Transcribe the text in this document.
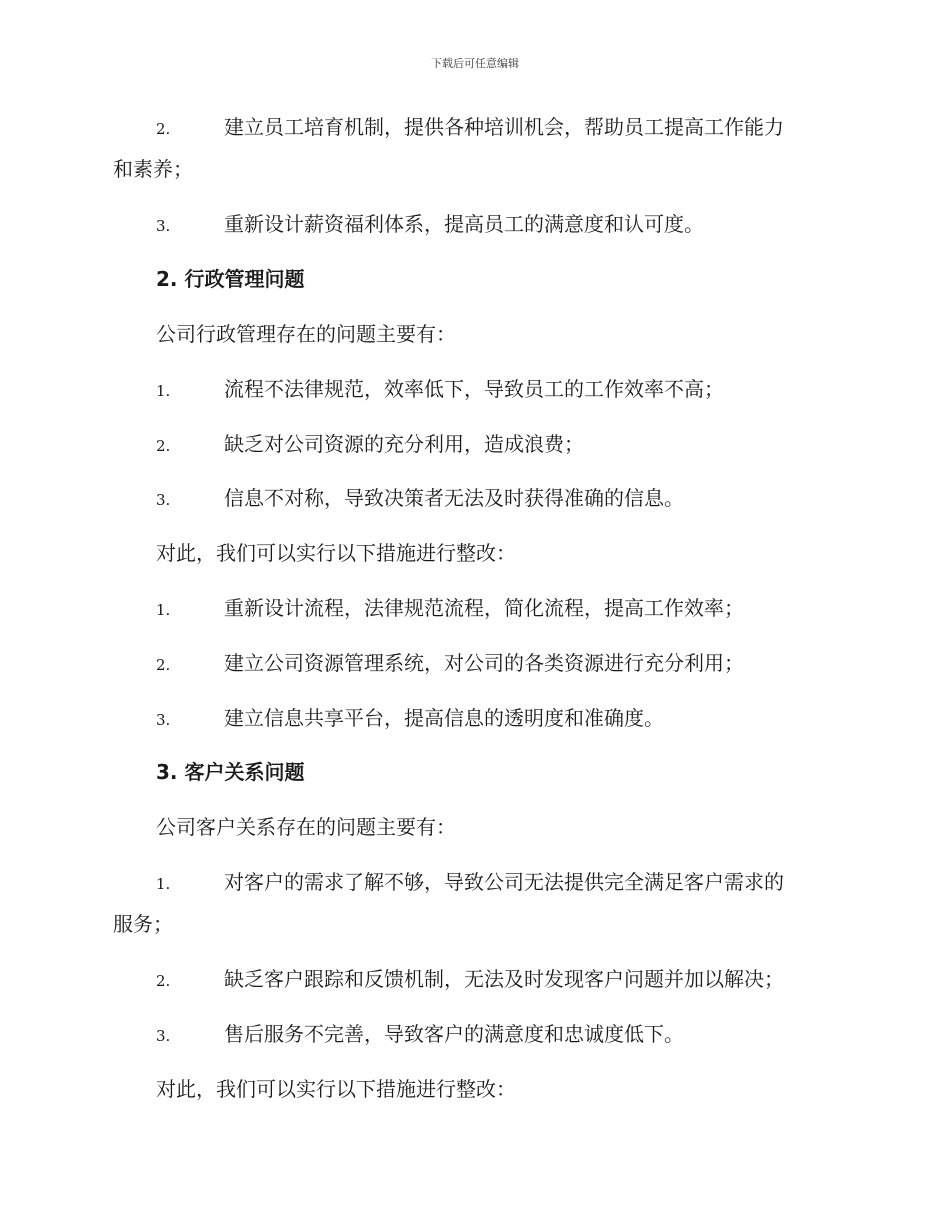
下载后可任意编辑
2.	建立员工培育机制，提供各种培训机会，帮助员工提高工作能力
和素养；
3.	重新设计薪资福利体系，提高员工的满意度和认可度。
2. 行政管理问题
公司行政管理存在的问题主要有：
1.	流程不法律规范，效率低下，导致员工的工作效率不高；
2.	缺乏对公司资源的充分利用，造成浪费；
3.	信息不对称，导致决策者无法及时获得准确的信息。
对此，我们可以实行以下措施进行整改：
1.	重新设计流程，法律规范流程，简化流程，提高工作效率；
2.	建立公司资源管理系统，对公司的各类资源进行充分利用；
3.	建立信息共享平台，提高信息的透明度和准确度。
3. 客户关系问题
公司客户关系存在的问题主要有：
1.	对客户的需求了解不够，导致公司无法提供完全满足客户需求的
服务；
2.	缺乏客户跟踪和反馈机制，无法及时发现客户问题并加以解决；
3.	售后服务不完善，导致客户的满意度和忠诚度低下。
对此，我们可以实行以下措施进行整改：
